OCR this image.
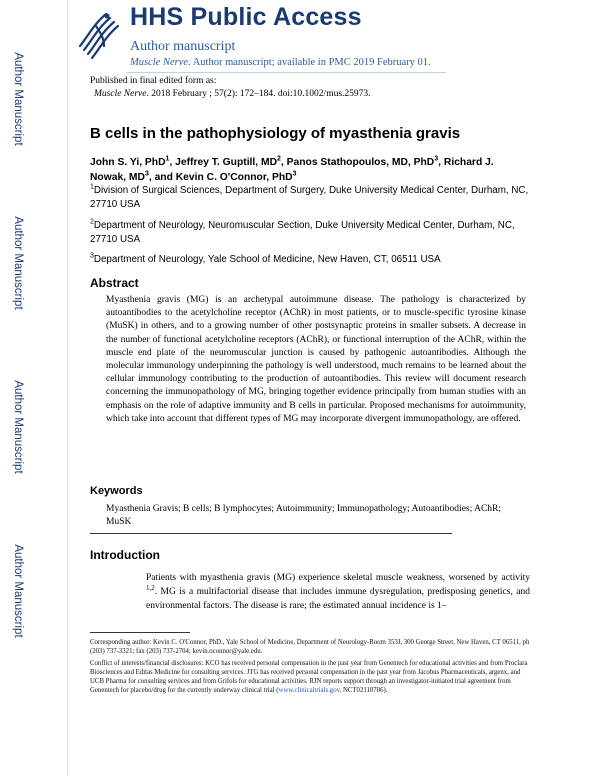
HHS Public Access
Author manuscript
Muscle Nerve. Author manuscript; available in PMC 2019 February 01.
Author Manuscript
Author Manuscript
Author Manuscript
Author Manuscript
Published in final edited form as:
Muscle Nerve. 2018 February ; 57(2): 172–184. doi:10.1002/mus.25973.
B cells in the pathophysiology of myasthenia gravis
John S. Yi, PhD$^1$, Jeffrey T. Guptill, $MD^2$, Panos Stathopoulos, MD, PhD$^3$, Richard J. Nowak, $MD^3$, and Kevin C. O'Connor, PhD$^3$
$^1$Division of Surgical Sciences, Department of Surgery, Duke University Medical Center, Durham, NC, 27710 USA
$^2$Department of Neurology, Neuromuscular Section, Duke University Medical Center, Durham, NC, 27710 USA
$^3$Department of Neurology, Yale School of Medicine, New Haven, CT, 06511 USA
Abstract
Myasthenia gravis (MG) is an archetypal autoimmune disease. The pathology is characterized by autoantibodies to the acetylcholine receptor (AChR) in most patients, or to muscle-specific tyrosine kinase (MuSK) in others, and to a growing number of other postsynaptic proteins in smaller subsets. A decrease in the number of functional acetylcholine receptors (AChR), or functional interruption of the AChR, within the muscle end plate of the neuromuscular junction is caused by pathogenic autoantibodies. Although the molecular immunology underpinning the pathology is well understood, much remains to be learned about the cellular immunology contributing to the production of autoantibodies. This review will document research concerning the immunopathology of MG, bringing together evidence principally from human studies with an emphasis on the role of adaptive immunity and B cells in particular. Proposed mechanisms for autoimmunity, which take into account that different types of MG may incorporate divergent immunopathology, are offered.
Keywords
Myasthenia Gravis; B cells; B lymphocytes; Autoimmunity; Immunopathology; Autoantibodies; AChR; MuSK
Introduction
Patients with myasthenia gravis (MG) experience skeletal muscle weakness, worsened by activity $^{1,2}$. MG is a multifactorial disease that includes immune dysregulation, predisposing genetics, and environmental factors. The disease is rare; the estimated annual incidence is 1–
Corresponding author: Kevin C. O'Connor, PhD., Yale School of Medicine, Department of Neurology-Room 353J, 300 George Street, New Haven, CT 06511, ph (203) 737-3321; fax (203) 737-2704; kevin.oconnor@yale.edu.
Conflict of interests/financial disclosures: KCO has received personal compensation in the past year from Genentech for educational activities and from Proclara Biosciences and Editas Medicine for consulting services. JTG has received personal compensation in the past year from Jacobus Pharmaceuticals, argenx, and UCB Pharma for consulting services and from Grifols for educational activities. RJN reports support through an investigator-initiated trial agreement from Genentech for placebo/drug for the currently underway clinical trial (www.clinicaltrials.gov, NCT02110706).
